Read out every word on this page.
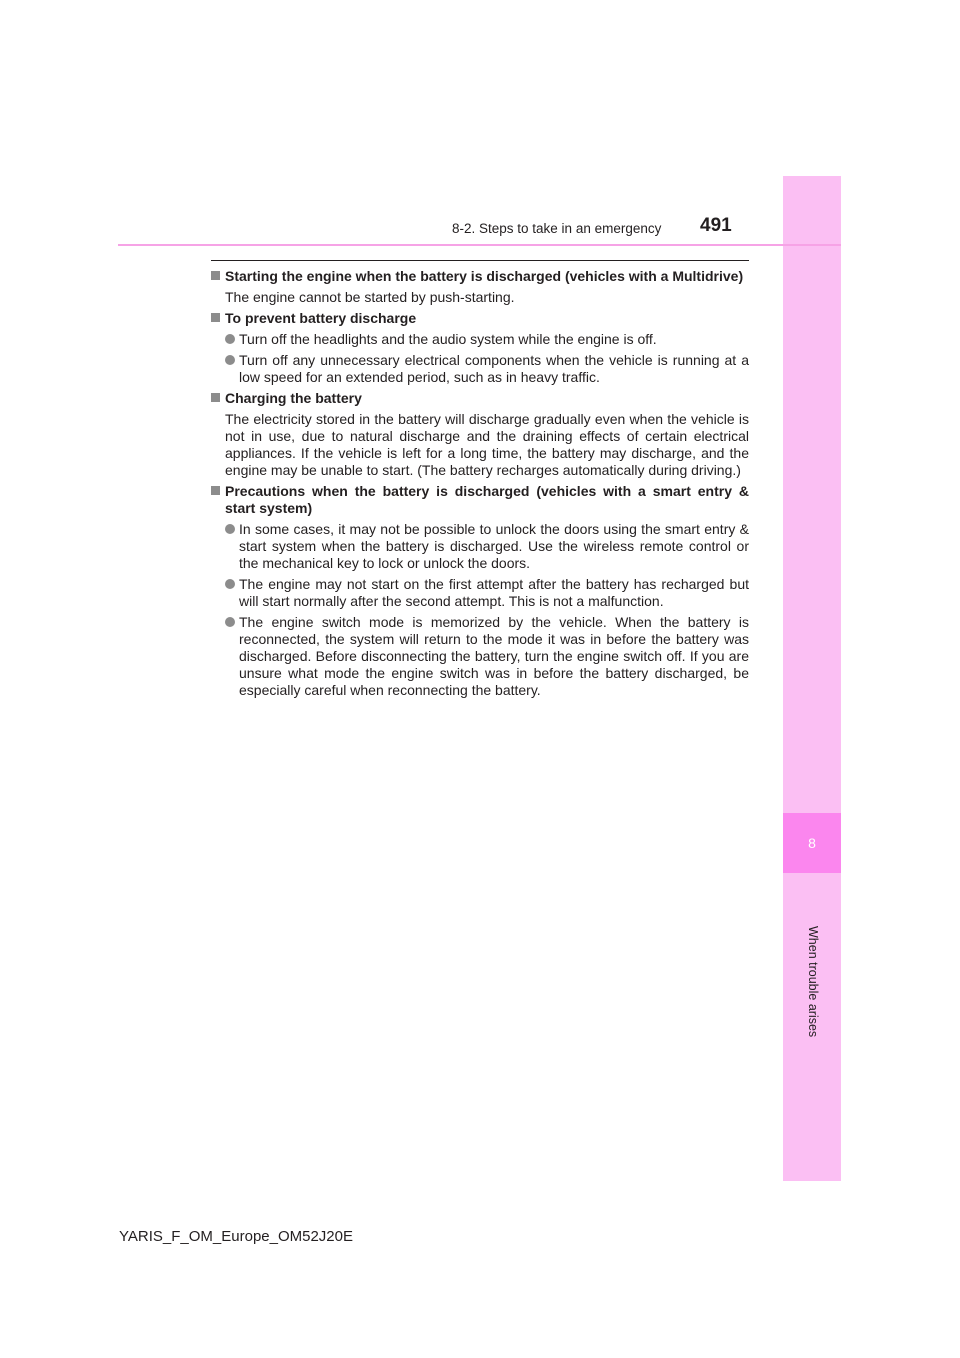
8
When trouble arises
8-2. Steps to take in an emergency 491
Starting the engine when the battery is discharged (vehicles with a Multidrive)
The engine cannot be started by push-starting.
To prevent battery discharge
Turn off the headlights and the audio system while the engine is off.
Turn off any unnecessary electrical components when the vehicle is running at a low speed for an extended period, such as in heavy traffic.
Charging the battery
The electricity stored in the battery will discharge gradually even when the vehicle is not in use, due to natural discharge and the draining effects of certain electrical appliances. If the vehicle is left for a long time, the battery may discharge, and the engine may be unable to start. (The battery recharges automatically during driving.)
Precautions when the battery is discharged (vehicles with a smart entry & start system)
In some cases, it may not be possible to unlock the doors using the smart entry & start system when the battery is discharged. Use the wireless remote control or the mechanical key to lock or unlock the doors.
The engine may not start on the first attempt after the battery has recharged but will start normally after the second attempt. This is not a malfunction.
The engine switch mode is memorized by the vehicle. When the battery is reconnected, the system will return to the mode it was in before the battery was discharged. Before disconnecting the battery, turn the engine switch off. If you are unsure what mode the engine switch was in before the battery discharged, be especially careful when reconnecting the battery.
YARIS_F_OM_Europe_OM52J20E
